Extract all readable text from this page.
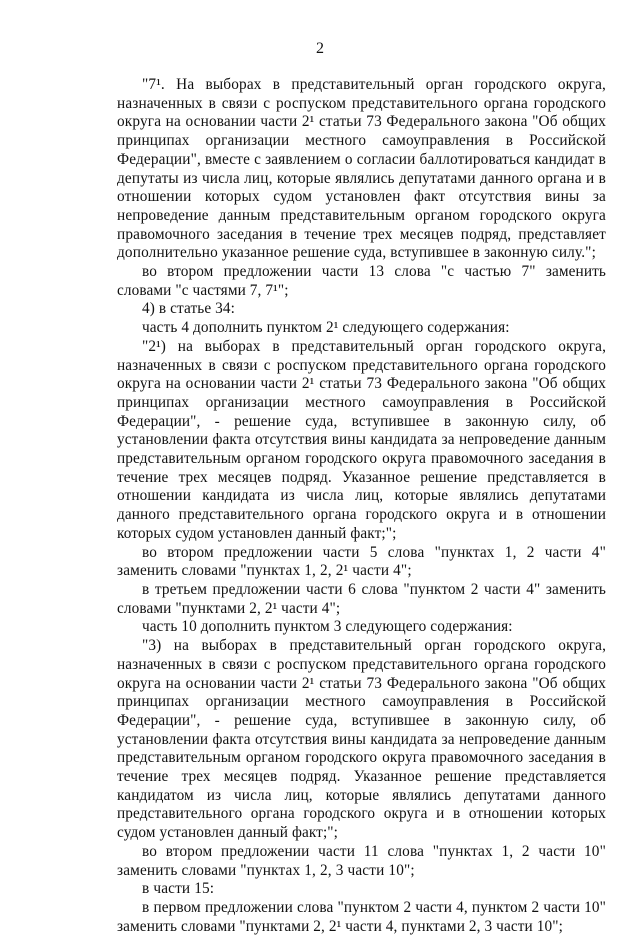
2

"7¹. На выборах в представительный орган городского округа, назначенных в связи с роспуском представительного органа городского округа на основании части 2¹ статьи 73 Федерального закона "Об общих принципах организации местного самоуправления в Российской Федерации", вместе с заявлением о согласии баллотироваться кандидат в депутаты из числа лиц, которые являлись депутатами данного органа и в отношении которых судом установлен факт отсутствия вины за непроведение данным представительным органом городского округа правомочного заседания в течение трех месяцев подряд, представляет дополнительно указанное решение суда, вступившее в законную силу.";

во втором предложении части 13 слова "с частью 7" заменить словами "с частями 7, 7¹";

4) в статье 34:

часть 4 дополнить пунктом 2¹ следующего содержания:

"2¹) на выборах в представительный орган городского округа, назначенных в связи с роспуском представительного органа городского округа на основании части 2¹ статьи 73 Федерального закона "Об общих принципах организации местного самоуправления в Российской Федерации", - решение суда, вступившее в законную силу, об установлении факта отсутствия вины кандидата за непроведение данным представительным органом городского округа правомочного заседания в течение трех месяцев подряд. Указанное решение представляется в отношении кандидата из числа лиц, которые являлись депутатами данного представительного органа городского округа и в отношении которых судом установлен данный факт;";

во втором предложении части 5 слова "пунктах 1, 2 части 4" заменить словами "пунктах 1, 2, 2¹ части 4";

в третьем предложении части 6 слова "пунктом 2 части 4" заменить словами "пунктами 2, 2¹ части 4";

часть 10 дополнить пунктом 3 следующего содержания:

"3) на выборах в представительный орган городского округа, назначенных в связи с роспуском представительного органа городского округа на основании части 2¹ статьи 73 Федерального закона "Об общих принципах организации местного самоуправления в Российской Федерации", - решение суда, вступившее в законную силу, об установлении факта отсутствия вины кандидата за непроведение данным представительным органом городского округа правомочного заседания в течение трех месяцев подряд. Указанное решение представляется кандидатом из числа лиц, которые являлись депутатами данного представительного органа городского округа и в отношении которых судом установлен данный факт;";

во втором предложении части 11 слова "пунктах 1, 2 части 10" заменить словами "пунктах 1, 2, 3 части 10";

в части 15:

в первом предложении слова "пунктом 2 части 4, пунктом 2 части 10" заменить словами "пунктами 2, 2¹ части 4, пунктами 2, 3 части 10";
